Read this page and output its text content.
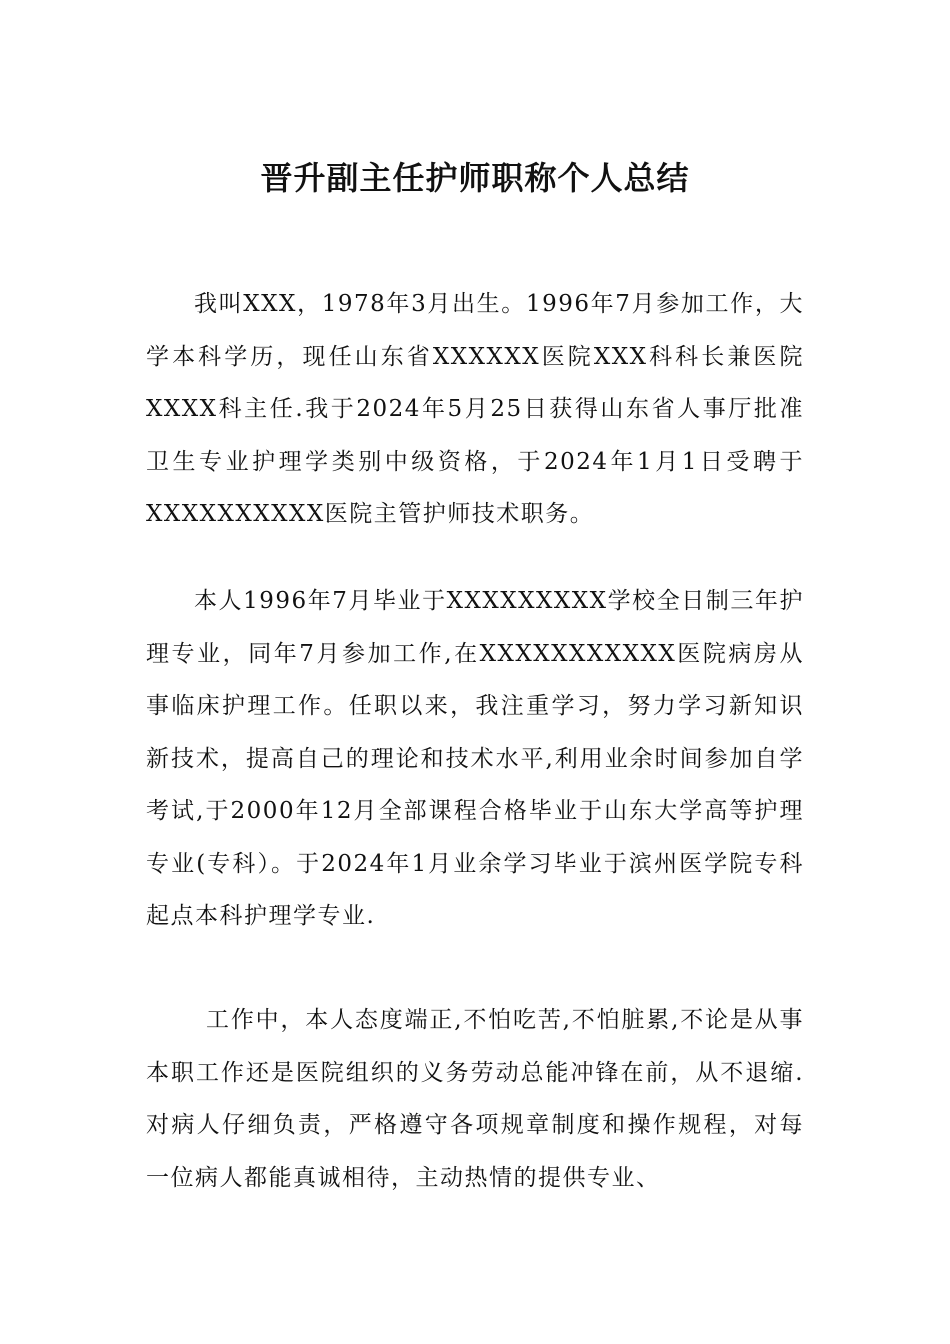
晋升副主任护师职称个人总结

我叫XXX，1978年3月出生。1996年7月参加工作，大学本科学历，现任山东省XXXXXX医院XXX科科长兼医院XXXX科主任.我于2024年5月25日获得山东省人事厅批准卫生专业护理学类别中级资格，于2024年1月1日受聘于XXXXXXXXXX医院主管护师技术职务。

本人1996年7月毕业于XXXXXXXXX学校全日制三年护理专业，同年7月参加工作,在XXXXXXXXXXX医院病房从事临床护理工作。任职以来，我注重学习，努力学习新知识新技术，提高自己的理论和技术水平,利用业余时间参加自学考试,于2000年12月全部课程合格毕业于山东大学高等护理专业(专科）。于2024年1月业余学习毕业于滨州医学院专科起点本科护理学专业.

工作中，本人态度端正,不怕吃苦,不怕脏累,不论是从事本职工作还是医院组织的义务劳动总能冲锋在前，从不退缩.对病人仔细负责，严格遵守各项规章制度和操作规程，对每一位病人都能真诚相待，主动热情的提供专业、
